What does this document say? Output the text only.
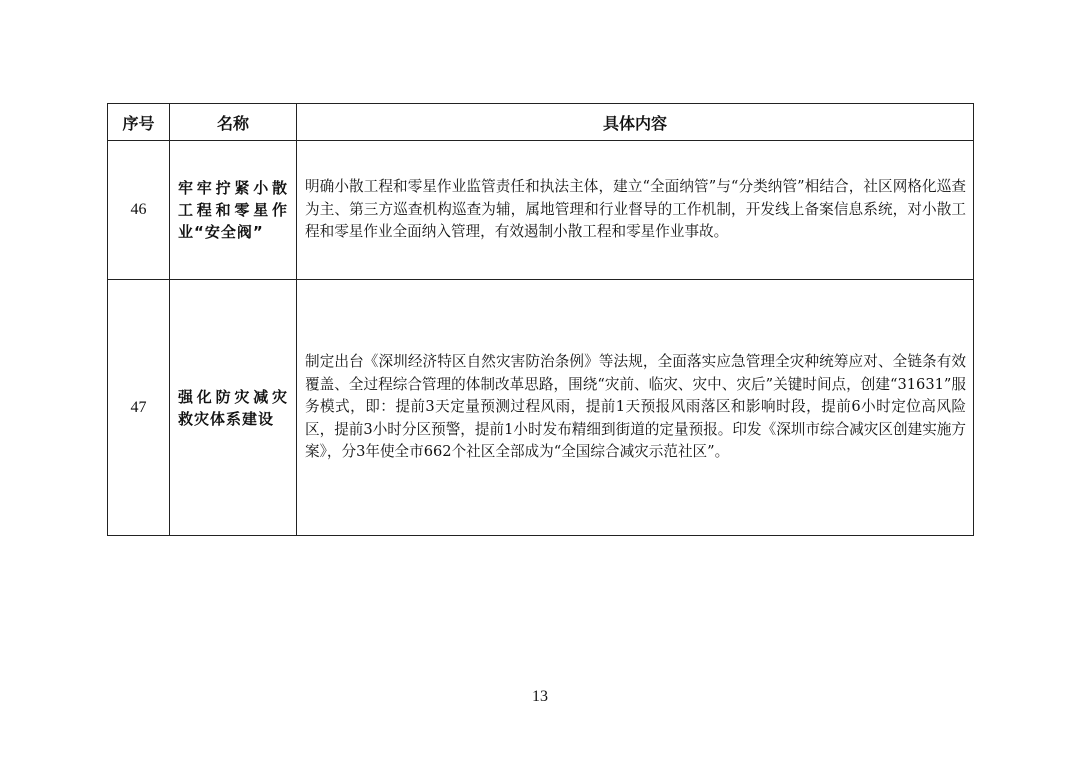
序号	名称	具体内容
46	牢牢拧紧小散工程和零星作业“安全阀”	明确小散工程和零星作业监管责任和执法主体，建立“全面纳管”与“分类纳管”相结合，社区网格化巡查为主、第三方巡查机构巡查为辅，属地管理和行业督导的工作机制，开发线上备案信息系统，对小散工程和零星作业全面纳入管理，有效遏制小散工程和零星作业事故。
47	强化防灾减灾救灾体系建设	制定出台《深圳经济特区自然灾害防治条例》等法规，全面落实应急管理全灾种统筹应对、全链条有效覆盖、全过程综合管理的体制改革思路，围绕“灾前、临灾、灾中、灾后”关键时间点，创建“31631”服务模式，即：提前3天定量预测过程风雨，提前1天预报风雨落区和影响时段，提前6小时定位高风险区，提前3小时分区预警，提前1小时发布精细到街道的定量预报。印发《深圳市综合减灾区创建实施方案》，分3年使全市662个社区全部成为“全国综合减灾示范社区”。
13
